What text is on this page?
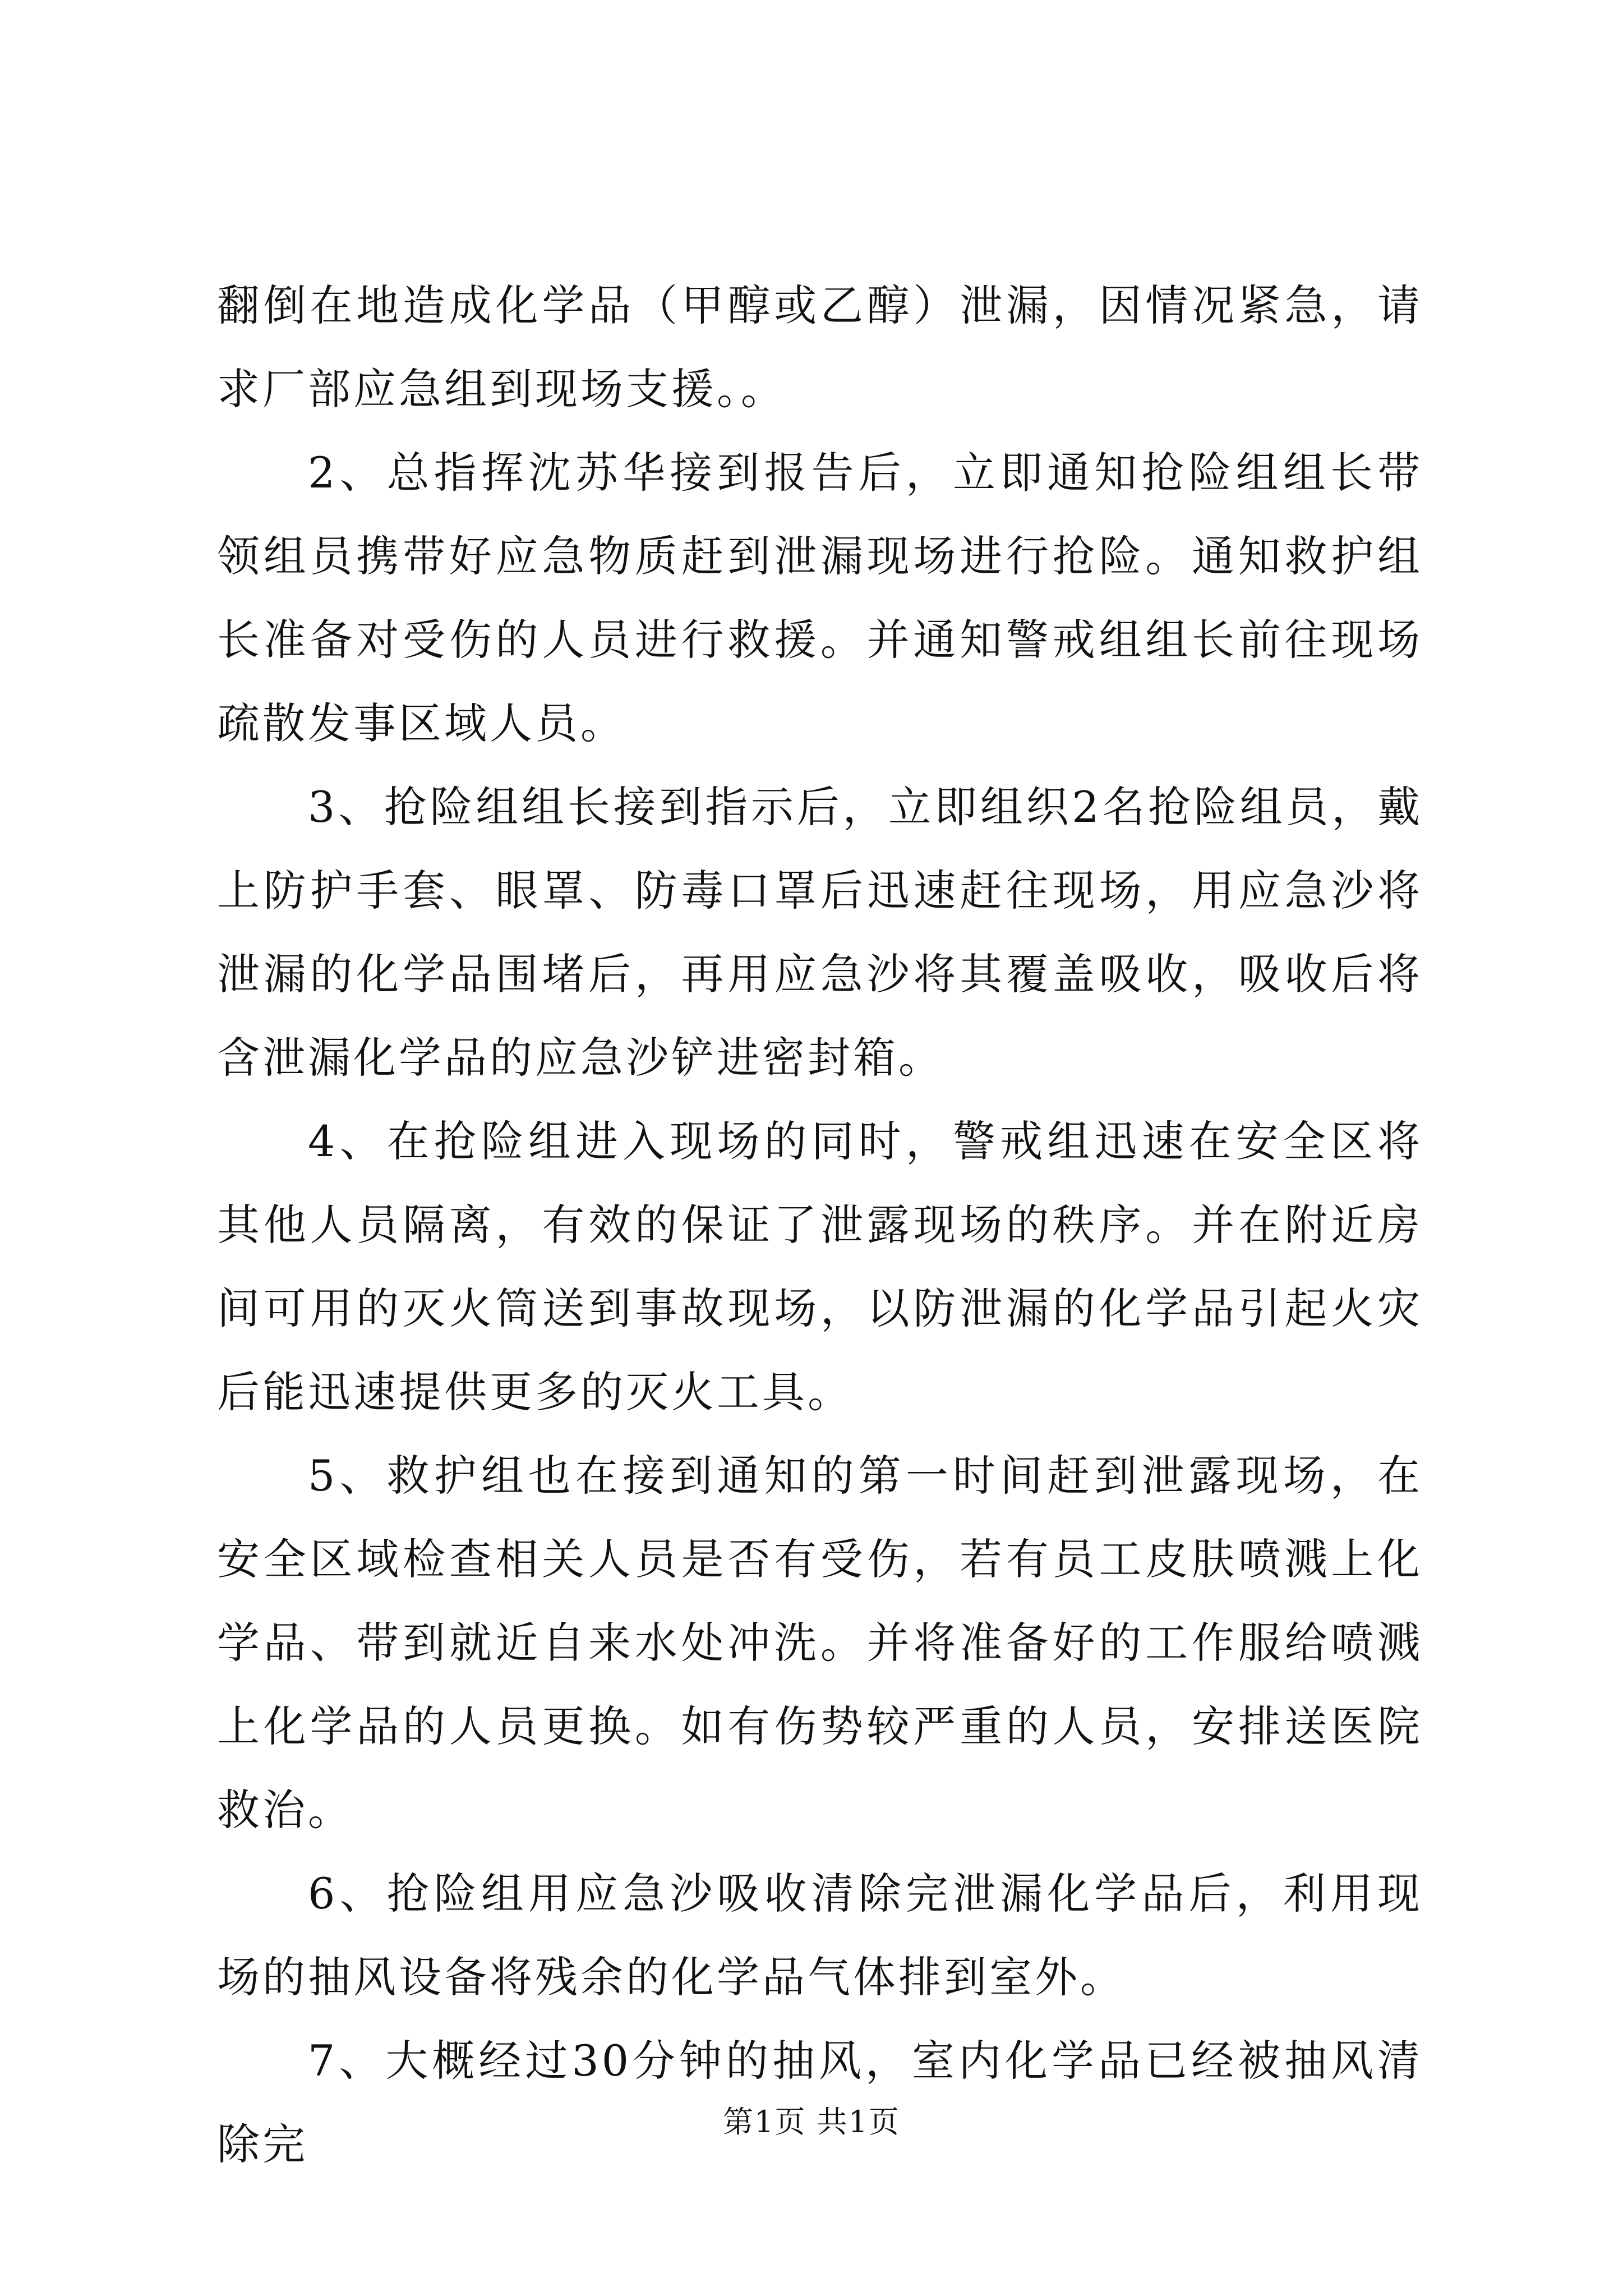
翻倒在地造成化学品（甲醇或乙醇）泄漏，因情况紧急，请求厂部应急组到现场支援。。

2、总指挥沈苏华接到报告后，立即通知抢险组组长带领组员携带好应急物质赶到泄漏现场进行抢险。通知救护组长准备对受伤的人员进行救援。并通知警戒组组长前往现场疏散发事区域人员。

3、抢险组组长接到指示后，立即组织2名抢险组员，戴上防护手套、眼罩、防毒口罩后迅速赶往现场，用应急沙将泄漏的化学品围堵后，再用应急沙将其覆盖吸收，吸收后将含泄漏化学品的应急沙铲进密封箱。

4、在抢险组进入现场的同时，警戒组迅速在安全区将其他人员隔离，有效的保证了泄露现场的秩序。并在附近房间可用的灭火筒送到事故现场，以防泄漏的化学品引起火灾后能迅速提供更多的灭火工具。

5、救护组也在接到通知的第一时间赶到泄露现场，在安全区域检查相关人员是否有受伤，若有员工皮肤喷溅上化学品、带到就近自来水处冲洗。并将准备好的工作服给喷溅上化学品的人员更换。如有伤势较严重的人员，安排送医院救治。

6、抢险组用应急沙吸收清除完泄漏化学品后，利用现场的抽风设备将残余的化学品气体排到室外。

7、大概经过30分钟的抽风，室内化学品已经被抽风清除完	第1页 共1页
